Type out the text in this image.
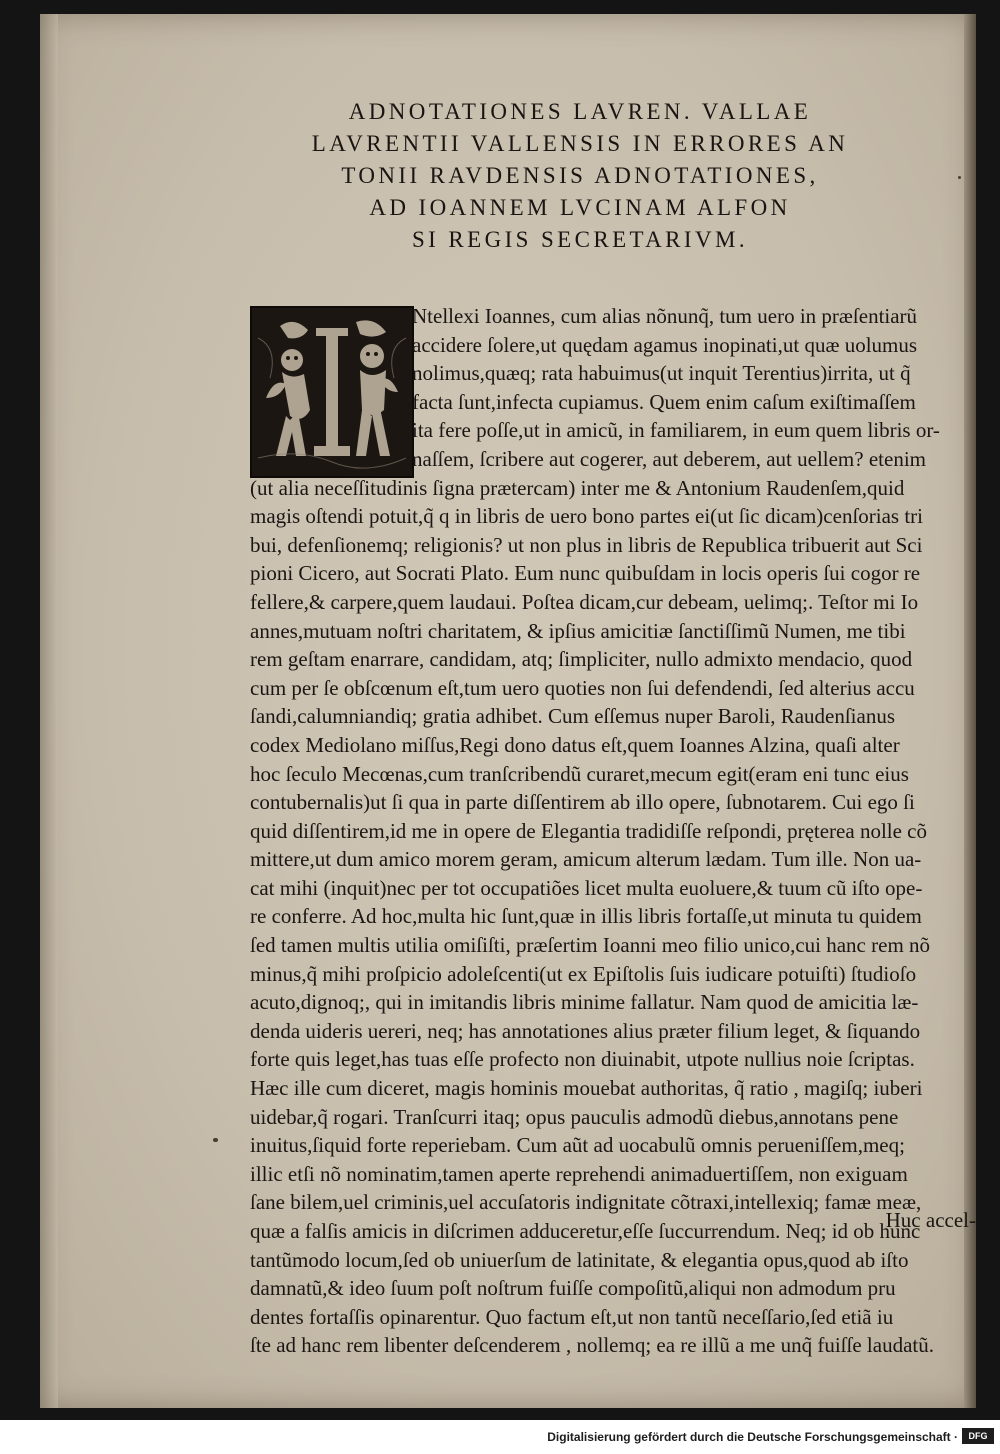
ADNOTATIONES LAVREN. VALLAE
LAVRENTII VALLENSIS IN ERRORES AN
TONII RAVDENSIS ADNOTATIONES,
AD IOANNEM LVCINAM ALFON
SI REGIS SECRETARIVM.
Ntellexi Ioannes, cum alias nõnunq̃, tum uero in præſentiarũ
accidere ſolere,ut quędam agamus inopinati,ut quæ uolumus
nolimus,quæq; rata habuimus(ut inquit Terentius)irrita, ut q̃
facta ſunt,infecta cupiamus. Quem enim caſum exiſtimaſſem
ita fere poſſe,ut in amicũ, in familiarem, in eum quem libris or-
naſſem, ſcribere aut cogerer, aut deberem, aut uellem? etenim
(ut alia neceſſitudinis ſigna prætercam) inter me & Antonium Raudenſem,quid
magis oſtendi potuit,q̃ q in libris de uero bono partes ei(ut ſic dicam)cenſorias tri
bui, defenſionemq; religionis? ut non plus in libris de Republica tribuerit aut Sci
pioni Cicero, aut Socrati Plato. Eum nunc quibuſdam in locis operis ſui cogor re
fellere,& carpere,quem laudaui. Poſtea dicam,cur debeam, uelimq;. Teſtor mi Io
annes,mutuam noſtri charitatem, & ipſius amicitiæ ſanctiſſimũ Numen, me tibi
rem geſtam enarrare, candidam, atq; ſimpliciter, nullo admixto mendacio, quod
cum per ſe obſcœnum eſt,tum uero quoties non ſui defendendi, ſed alterius accu
ſandi,calumniandiq; gratia adhibet. Cum eſſemus nuper Baroli, Raudenſianus
codex Mediolano miſſus,Regi dono datus eſt,quem Ioannes Alzina, quaſi alter
hoc ſeculo Mecœnas,cum tranſcribendũ curaret,mecum egit(eram eni tunc eius
contubernalis)ut ſi qua in parte diſſentirem ab illo opere, ſubnotarem. Cui ego ſi
quid diſſentirem,id me in opere de Elegantia tradidiſſe reſpondi, prętereа nolle cõ
mittere,ut dum amico morem geram, amicum alterum lædam. Tum ille. Non ua-
cat mihi (inquit)nec per tot occupatiões licet multa euoluere,& tuum cũ iſto ope-
re conferre. Ad hoc,multa hic ſunt,quæ in illis libris fortaſſe,ut minuta tu quidem
ſed tamen multis utilia omiſiſti, præſertim Ioanni meo filio unico,cui hanc rem nõ
minus,q̃ mihi proſpicio adoleſcenti(ut ex Epiſtolis ſuis iudicare potuiſti) ſtudioſo
acuto,dignoq;, qui in imitandis libris minime fallatur. Nam quod de amicitia læ-
denda uideris uereri, neq; has annotationes alius præter filium leget, & ſiquando
forte quis leget,has tuas eſſe profecto non diuinabit, utpote nullius noie ſcriptas.
Hæc ille cum diceret, magis hominis mouebat authoritas, q̃ ratio , magiſq; iuberi
uidebar,q̃ rogari. Tranſcurri itaq; opus pauculis admodũ diebus,annotans pene
inuitus,ſiquid forte reperiebam. Cum aũt ad uocabulũ omnis perueniſſem,meq;
illic etſi nõ nominatim,tamen aperte reprehendi animaduertiſſem, non exiguam
ſane bilem,uel criminis,uel accuſatoris indignitate cõtraxi,intellexiq; famæ meæ,
quæ a falſis amicis in diſcrimen adduceretur,eſſe ſuccurrendum. Neq; id ob hunc
tantũmodo locum,ſed ob uniuerſum de latinitate, & elegantia opus,quod ab iſto
damnatũ,& ideo ſuum poſt noſtrum fuiſſe compoſitũ,aliqui non admodum pru
dentes fortaſſis opinarentur. Quo factum eſt,ut non tantũ neceſſario,ſed etiã iu
ſte ad hanc rem libenter deſcenderem , nollemq; ea re illũ a me unq̃ fuiſſe laudatũ.
Huc accel-
Digitalisierung gefördert durch die Deutsche Forschungsgemeinschaft ·	DFG
